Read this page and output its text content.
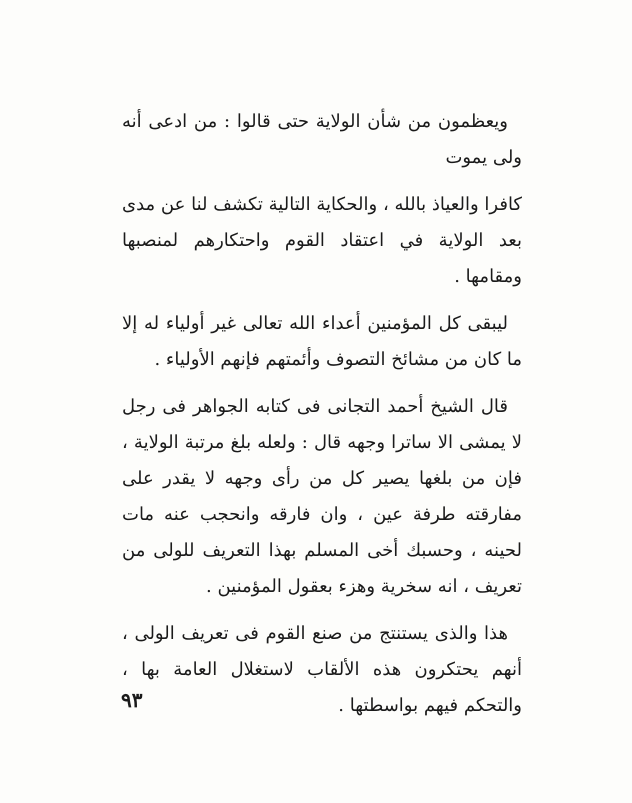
ويعظمون من شأن الولاية حتى قالوا : من ادعى أنه ولى يموت

كافرا والعياذ بالله ، والحكاية التالية تكشف لنا عن مدى بعد الولاية في اعتقاد القوم واحتكارهم لمنصبها ومقامها .

ليبقى كل المؤمنين أعداء الله تعالى غير أولياء له إلا ما كان من مشائخ التصوف وأئمتهم فإنهم الأولياء .

قال الشيخ أحمد التجانى فى كتابه الجواهر فى رجل لا يمشى الا ساترا وجهه قال : ولعله بلغ مرتبة الولاية ، فإن من بلغها يصير كل من رأى وجهه لا يقدر على مفارقته طرفة عين ، وان فارقه وانحجب عنه مات لحينه ، وحسبك أخى المسلم بهذا التعريف للولى من تعريف ، انه سخرية وهزء بعقول المؤمنين .

هذا والذى يستنتج من صنع القوم فى تعريف الولى ، أنهم يحتكرون هذه الألقاب لاستغلال العامة بها ، والتحكم فيهم بواسطتها .

٩٣
